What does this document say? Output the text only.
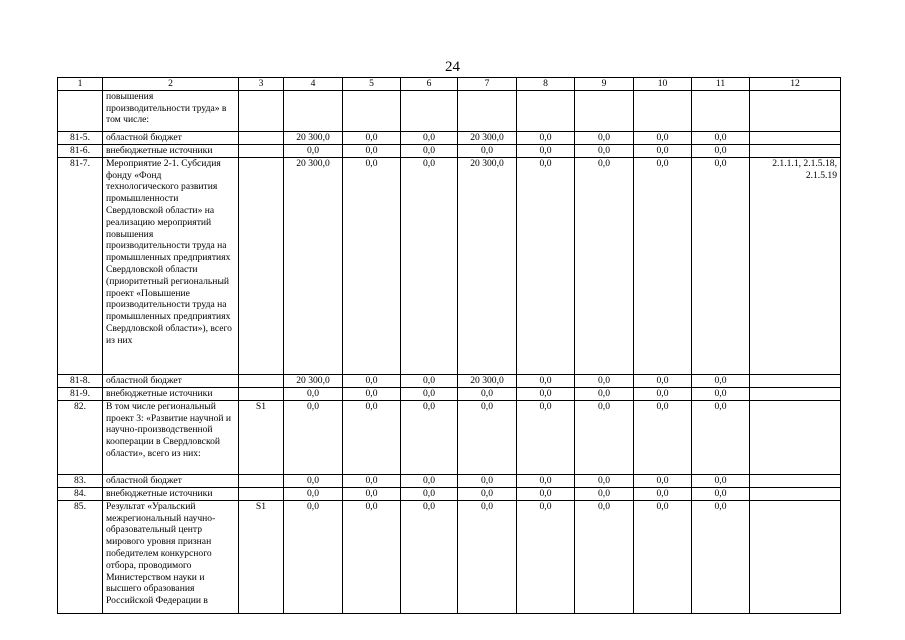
24
1	2	3	4	5	6	7	8	9	10	11	12
	повышения производительности труда» в том числе:										
81-5.	областной бюджет		20 300,0	0,0	0,0	20 300,0	0,0	0,0	0,0	0,0	
81-6.	внебюджетные источники		0,0	0,0	0,0	0,0	0,0	0,0	0,0	0,0	
81-7.	Мероприятие 2-1. Субсидия фонду «Фонд технологического развития промышленности Свердловской области» на реализацию мероприятий повышения производительности труда на промышленных предприятиях Свердловской области (приоритетный региональный проект «Повышение производительности труда на промышленных предприятиях Свердловской области»), всего из них		20 300,0	0,0	0,0	20 300,0	0,0	0,0	0,0	0,0	2.1.1.1, 2.1.5.18, 2.1.5.19
81-8.	областной бюджет		20 300,0	0,0	0,0	20 300,0	0,0	0,0	0,0	0,0	
81-9.	внебюджетные источники		0,0	0,0	0,0	0,0	0,0	0,0	0,0	0,0	
82.	В том числе региональный проект 3: «Развитие научной и научно-производственной кооперации в Свердловской области», всего из них:	S1	0,0	0,0	0,0	0,0	0,0	0,0	0,0	0,0	
83.	областной бюджет		0,0	0,0	0,0	0,0	0,0	0,0	0,0	0,0	
84.	внебюджетные источники		0,0	0,0	0,0	0,0	0,0	0,0	0,0	0,0	
85.	Результат «Уральский межрегиональный научно-образовательный центр мирового уровня признан победителем конкурсного отбора, проводимого Министерством науки и высшего образования Российской Федерации в	S1	0,0	0,0	0,0	0,0	0,0	0,0	0,0	0,0	
